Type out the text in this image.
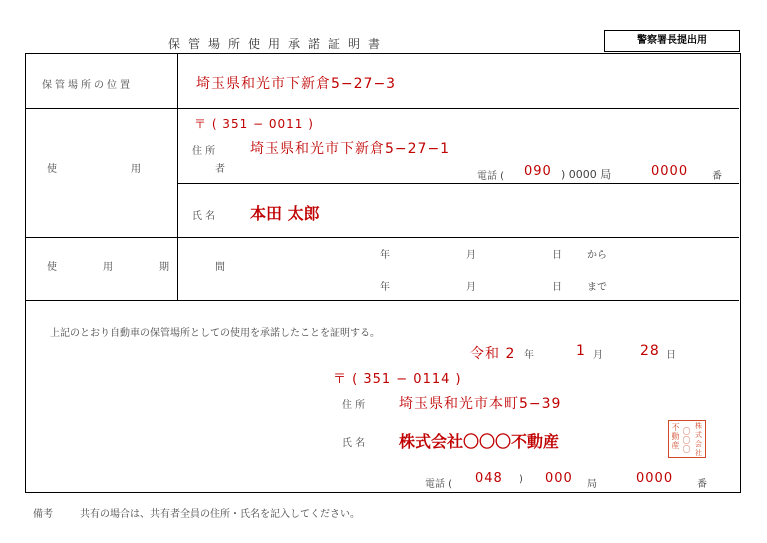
保管場所使用承諾証明書	警察署長提出用
保管場所の位置	埼玉県和光市下新倉5−27−3
使　用　者
〒 ( 351 − 0011 )
住 所 埼玉県和光市下新倉5−27−1
電話 ( 090 ) 0000 局	0000 番
氏 名 本田 太郎
使　用　期　間
年	月	日	から
年	月	日	まで
上記のとおり自動車の保管場所としての使用を承諾したことを証明する。
令和 2 年	1 月	28 日
〒 ( 351 − 0114 )
住 所 埼玉県和光市本町5−39
氏 名 株式会社〇〇〇不動産
不動産
〇〇〇
株式会社
電話 ( 048 ) 000 局	0000 番
備考	共有の場合は、共有者全員の住所・氏名を記入してください。
